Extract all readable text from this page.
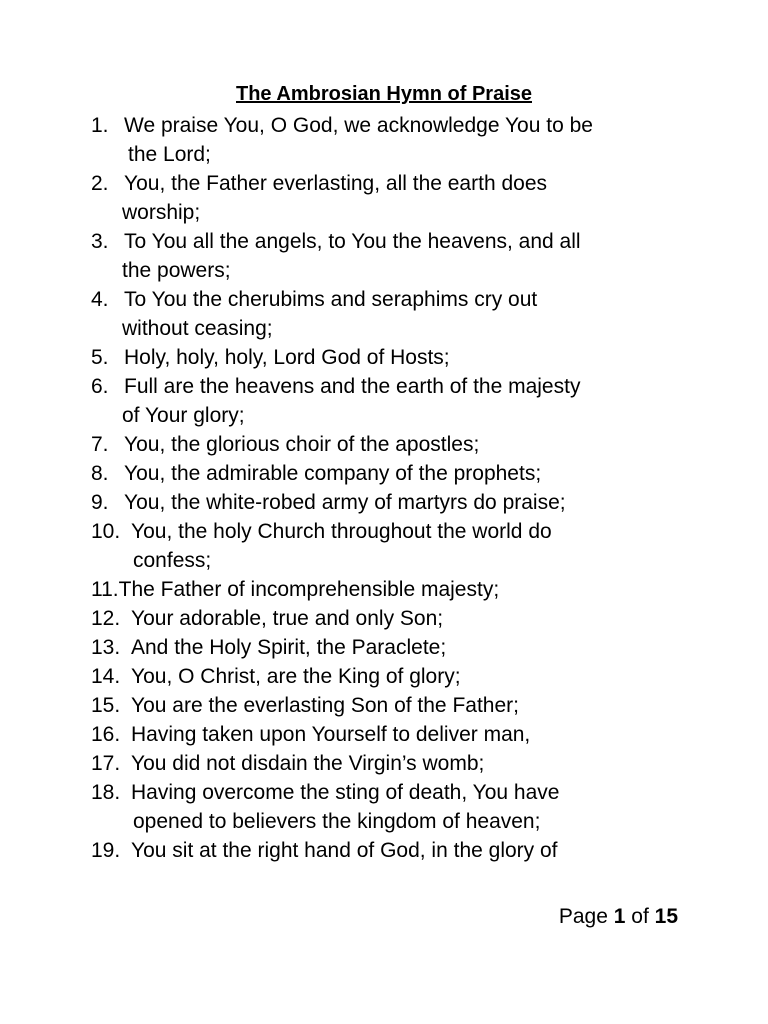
The Ambrosian Hymn of Praise
1. We praise You, O God, we acknowledge You to be
the Lord;
2. You, the Father everlasting, all the earth does
worship;
3. To You all the angels, to You the heavens, and all
the powers;
4. To You the cherubims and seraphims cry out
without ceasing;
5. Holy, holy, holy, Lord God of Hosts;
6. Full are the heavens and the earth of the majesty
of Your glory;
7. You, the glorious choir of the apostles;
8. You, the admirable company of the prophets;
9. You, the white-robed army of martyrs do praise;
10. You, the holy Church throughout the world do
confess;
11. The Father of incomprehensible majesty;
12. Your adorable, true and only Son;
13. And the Holy Spirit, the Paraclete;
14. You, O Christ, are the King of glory;
15. You are the everlasting Son of the Father;
16. Having taken upon Yourself to deliver man,
17. You did not disdain the Virgin’s womb;
18. Having overcome the sting of death, You have
opened to believers the kingdom of heaven;
19. You sit at the right hand of God, in the glory of
Page 1 of 15
